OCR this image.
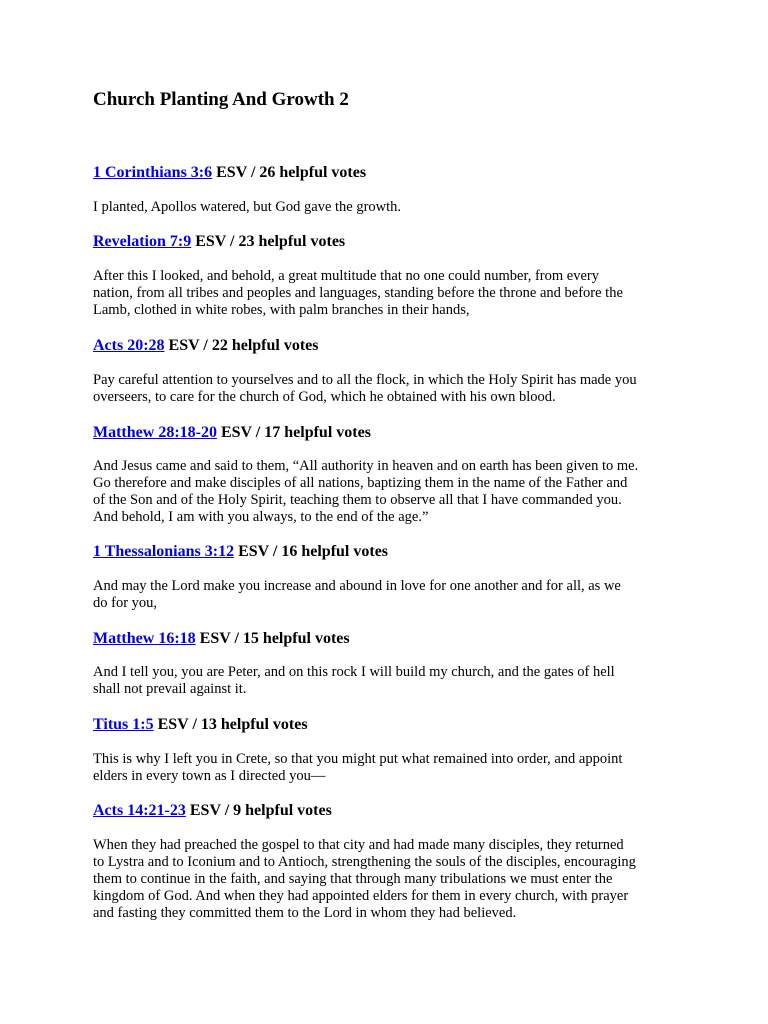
Church Planting And Growth 2

1 Corinthians 3:6 ESV / 26 helpful votes

I planted, Apollos watered, but God gave the growth.

Revelation 7:9 ESV / 23 helpful votes

After this I looked, and behold, a great multitude that no one could number, from every
nation, from all tribes and peoples and languages, standing before the throne and before the
Lamb, clothed in white robes, with palm branches in their hands,

Acts 20:28 ESV / 22 helpful votes

Pay careful attention to yourselves and to all the flock, in which the Holy Spirit has made you
overseers, to care for the church of God, which he obtained with his own blood.

Matthew 28:18-20 ESV / 17 helpful votes

And Jesus came and said to them, “All authority in heaven and on earth has been given to me.
Go therefore and make disciples of all nations, baptizing them in the name of the Father and
of the Son and of the Holy Spirit, teaching them to observe all that I have commanded you.
And behold, I am with you always, to the end of the age.”

1 Thessalonians 3:12 ESV / 16 helpful votes

And may the Lord make you increase and abound in love for one another and for all, as we
do for you,

Matthew 16:18 ESV / 15 helpful votes

And I tell you, you are Peter, and on this rock I will build my church, and the gates of hell
shall not prevail against it.

Titus 1:5 ESV / 13 helpful votes

This is why I left you in Crete, so that you might put what remained into order, and appoint
elders in every town as I directed you—

Acts 14:21-23 ESV / 9 helpful votes

When they had preached the gospel to that city and had made many disciples, they returned
to Lystra and to Iconium and to Antioch, strengthening the souls of the disciples, encouraging
them to continue in the faith, and saying that through many tribulations we must enter the
kingdom of God. And when they had appointed elders for them in every church, with prayer
and fasting they committed them to the Lord in whom they had believed.
